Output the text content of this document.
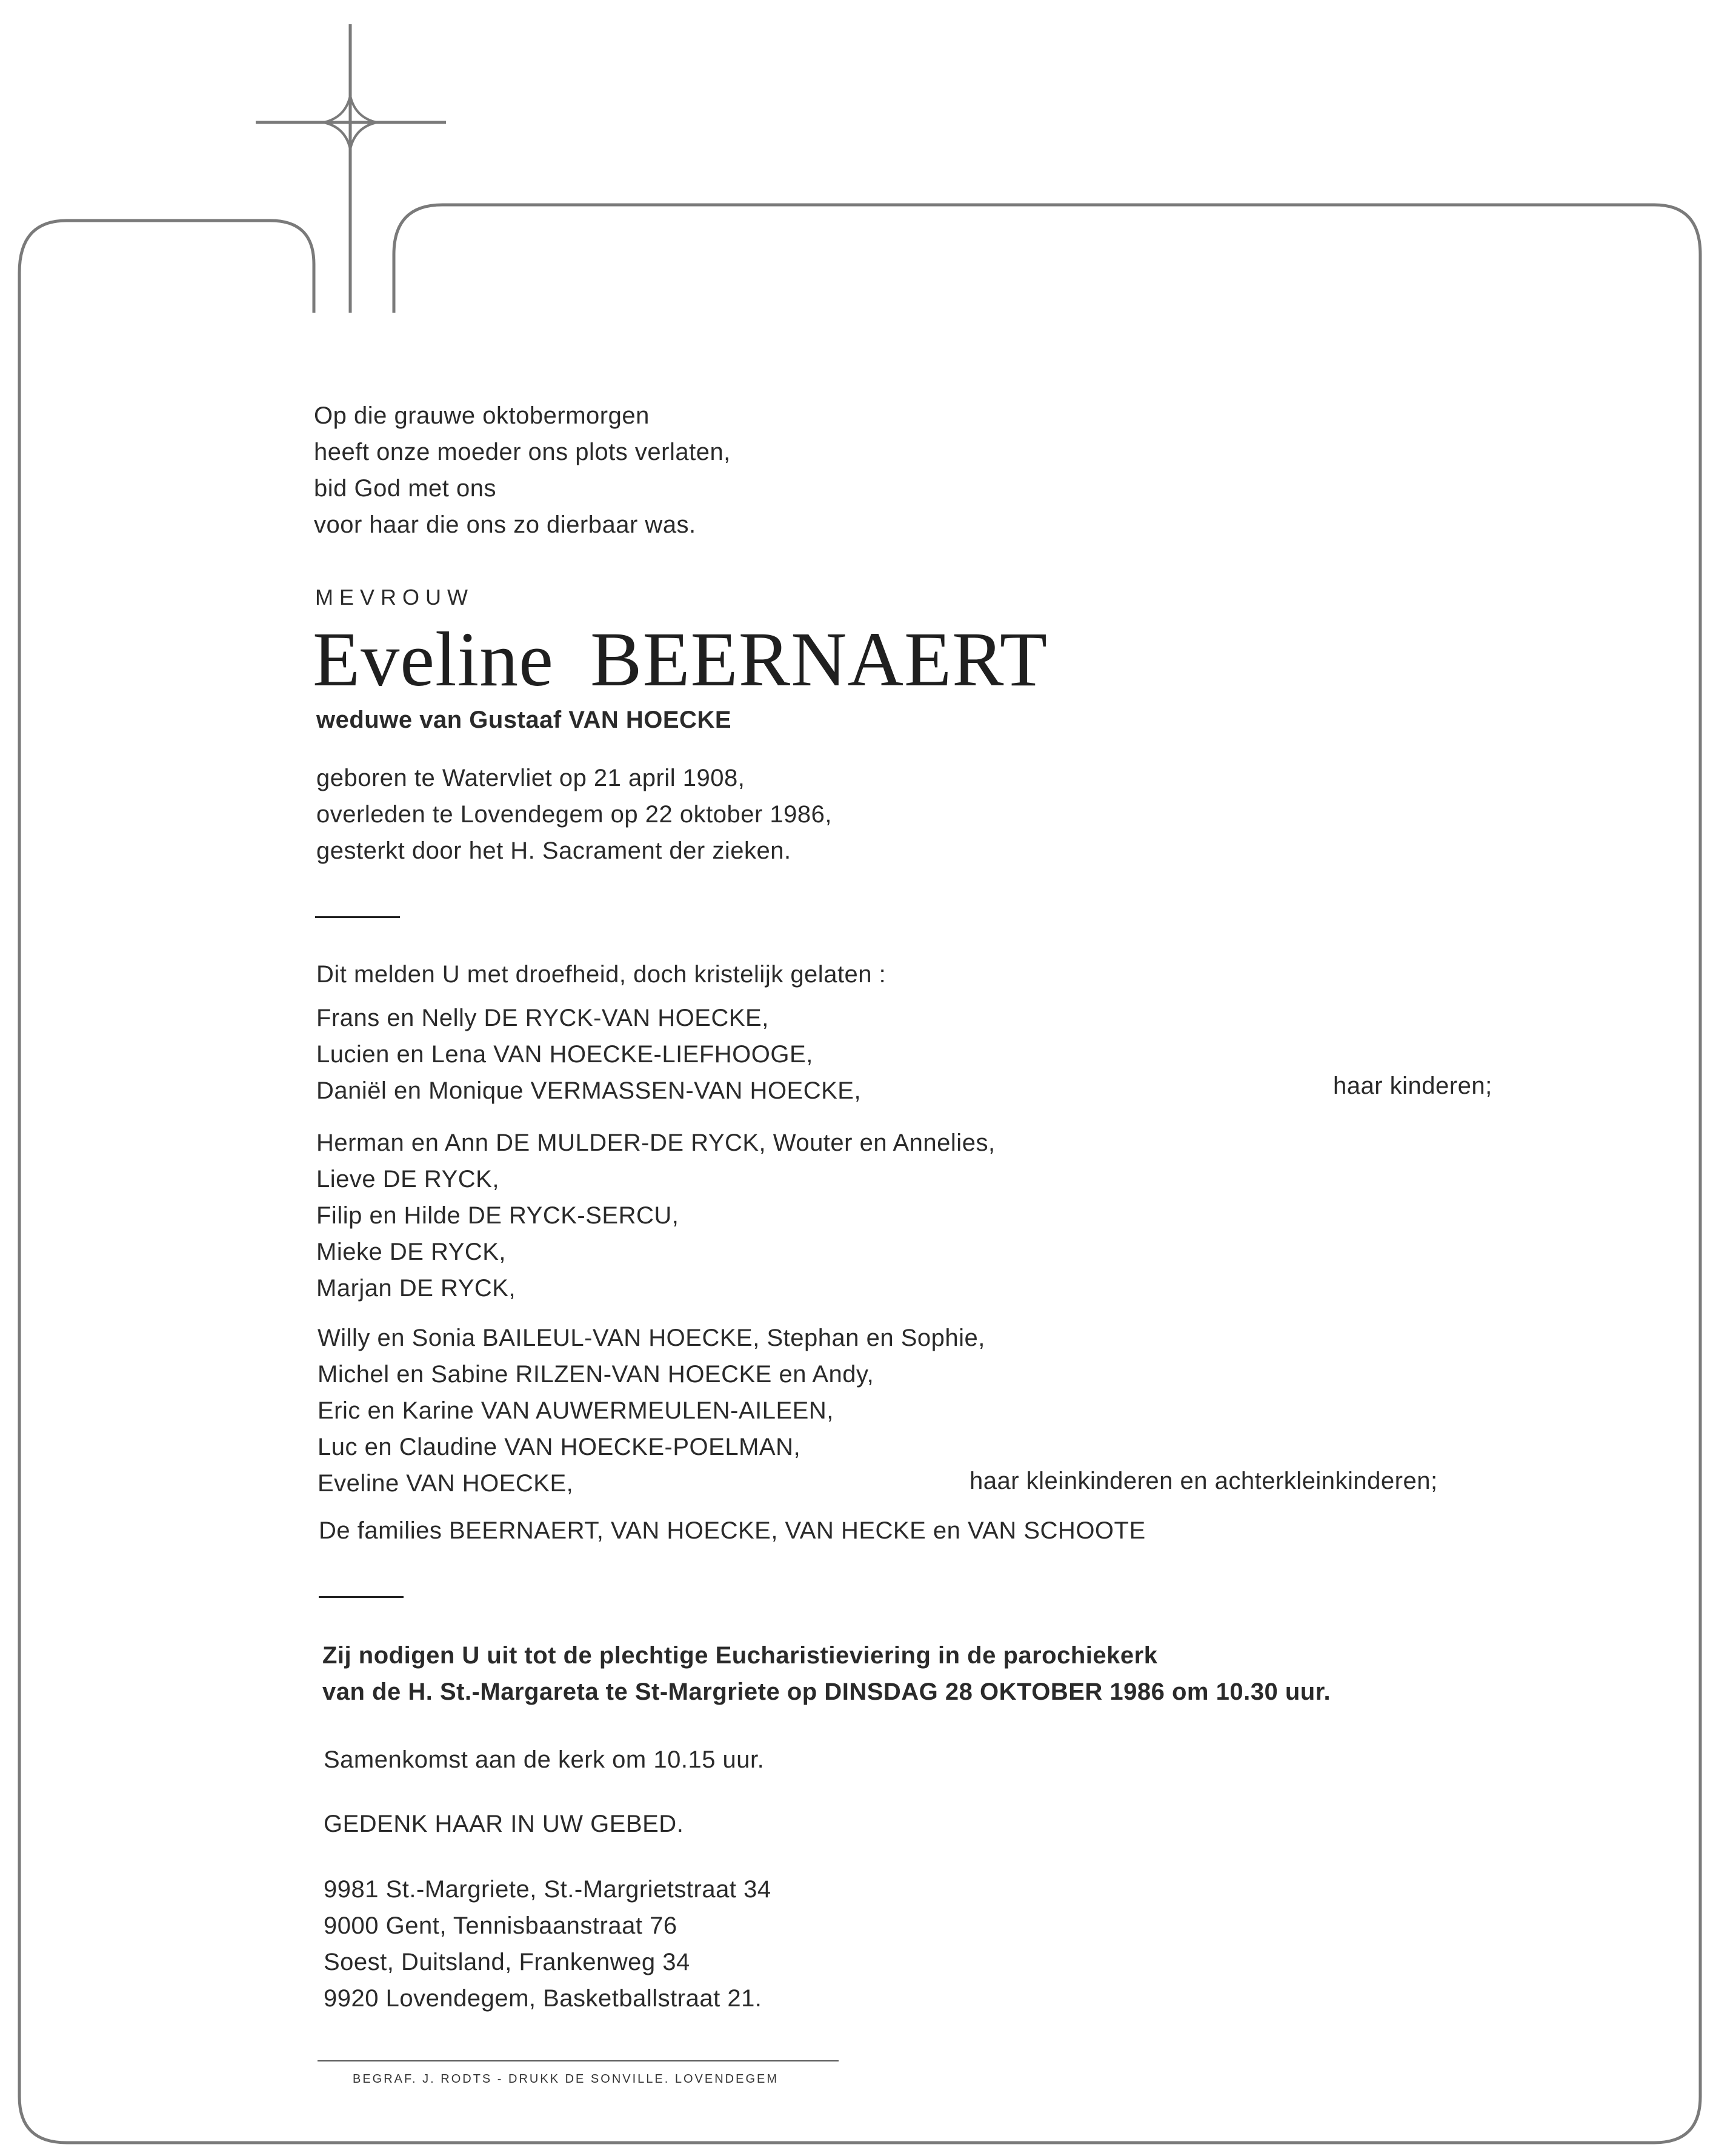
Op die grauwe oktobermorgen
heeft onze moeder ons plots verlaten,
bid God met ons
voor haar die ons zo dierbaar was.
MEVROUW
Eveline BEERNAERT
weduwe van Gustaaf VAN HOECKE
geboren te Watervliet op 21 april 1908,
overleden te Lovendegem op 22 oktober 1986,
gesterkt door het H. Sacrament der zieken.
Dit melden U met droefheid, doch kristelijk gelaten :
Frans en Nelly DE RYCK-VAN HOECKE,
Lucien en Lena VAN HOECKE-LIEFHOOGE,
Daniël en Monique VERMASSEN-VAN HOECKE,	haar kinderen;
Herman en Ann DE MULDER-DE RYCK, Wouter en Annelies,
Lieve DE RYCK,
Filip en Hilde DE RYCK-SERCU,
Mieke DE RYCK,
Marjan DE RYCK,
Willy en Sonia BAILEUL-VAN HOECKE, Stephan en Sophie,
Michel en Sabine RILZEN-VAN HOECKE en Andy,
Eric en Karine VAN AUWERMEULEN-AILEEN,
Luc en Claudine VAN HOECKE-POELMAN,
Eveline VAN HOECKE,	haar kleinkinderen en achterkleinkinderen;
De families BEERNAERT, VAN HOECKE, VAN HECKE en VAN SCHOOTE
Zij nodigen U uit tot de plechtige Eucharistieviering in de parochiekerk
van de H. St.-Margareta te St-Margriete op DINSDAG 28 OKTOBER 1986 om 10.30 uur.
Samenkomst aan de kerk om 10.15 uur.
GEDENK HAAR IN UW GEBED.
9981 St.-Margriete, St.-Margrietstraat 34
9000 Gent, Tennisbaanstraat 76
Soest, Duitsland, Frankenweg 34
9920 Lovendegem, Basketballstraat 21.
BEGRAF. J. RODTS - DRUKK DE SONVILLE. LOVENDEGEM
